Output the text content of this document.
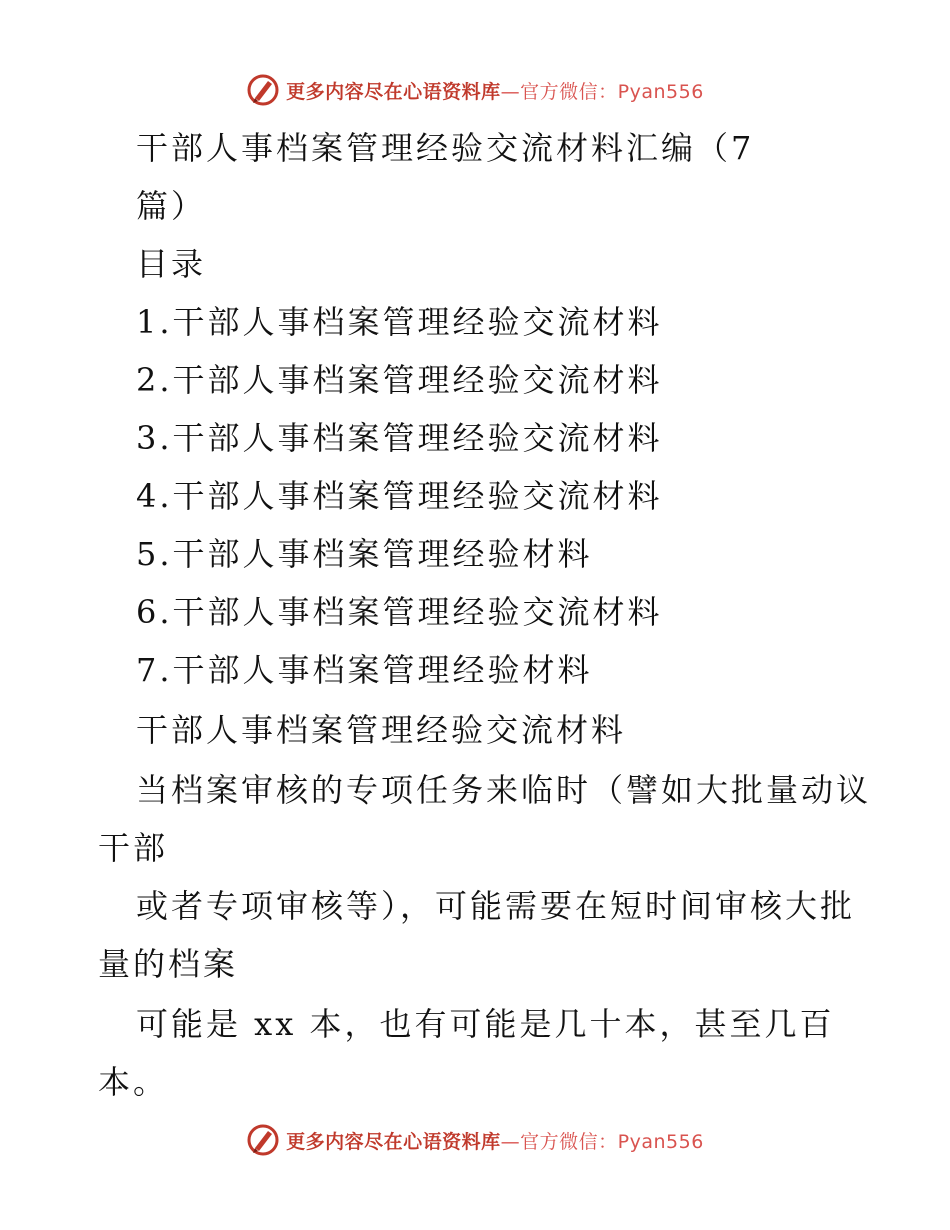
更多内容尽在心语资料库—官方微信：Pyan556
干部人事档案管理经验交流材料汇编（7
篇）
目录
1.干部人事档案管理经验交流材料
2.干部人事档案管理经验交流材料
3.干部人事档案管理经验交流材料
4.干部人事档案管理经验交流材料
5.干部人事档案管理经验材料
6.干部人事档案管理经验交流材料
7.干部人事档案管理经验材料
干部人事档案管理经验交流材料
当档案审核的专项任务来临时（譬如大批量动议
干部
或者专项审核等），可能需要在短时间审核大批
量的档案
可能是 xx 本，也有可能是几十本，甚至几百
本。
更多内容尽在心语资料库—官方微信：Pyan556
